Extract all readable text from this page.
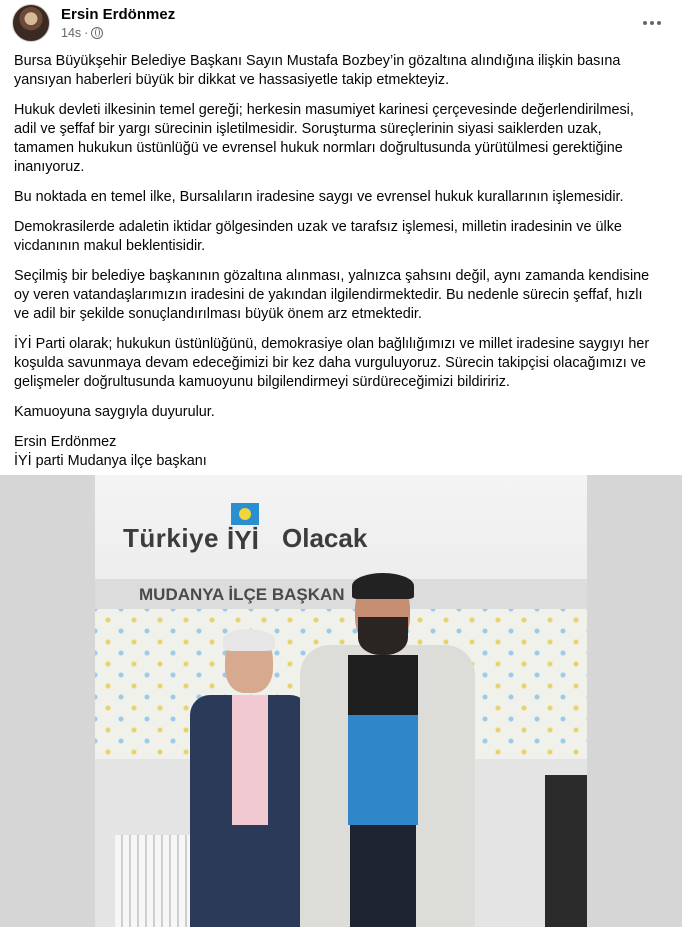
Ersin Erdönmez
14s ·

Bursa Büyükşehir Belediye Başkanı Sayın Mustafa Bozbey’in gözaltına alındığına ilişkin basına
yansıyan haberleri büyük bir dikkat ve hassasiyetle takip etmekteyiz.

Hukuk devleti ilkesinin temel gereği; herkesin masumiyet karinesi çerçevesinde değerlendirilmesi,
adil ve şeffaf bir yargı sürecinin işletilmesidir. Soruşturma süreçlerinin siyasi saiklerden uzak,
tamamen hukukun üstünlüğü ve evrensel hukuk normları doğrultusunda yürütülmesi gerektiğine
inanıyoruz.

Bu noktada en temel ilke, Bursalıların iradesine saygı ve evrensel hukuk kurallarının işlemesidir.

Demokrasilerde adaletin iktidar gölgesinden uzak ve tarafsız işlemesi, milletin iradesinin ve ülke
vicdanının makul beklentisidir.

Seçilmiş bir belediye başkanının gözaltına alınması, yalnızca şahsını değil, aynı zamanda kendisine
oy veren vatandaşlarımızın iradesini de yakından ilgilendirmektedir. Bu nedenle sürecin şeffaf, hızlı
ve adil bir şekilde sonuçlandırılması büyük önem arz etmektedir.

İYİ Parti olarak; hukukun üstünlüğünü, demokrasiye olan bağlılığımızı ve millet iradesine saygıyı her
koşulda savunmaya devam edeceğimizi bir kez daha vurguluyoruz. Sürecin takipçisi olacağımızı ve
gelişmeler doğrultusunda kamuoyunu bilgilendirmeyi sürdüreceğimizi bildiririz.

Kamuoyuna saygıyla duyurulur.

Ersin Erdönmez
İYİ parti Mudanya ilçe başkanı

Türkiye İYİ Olacak
MUDANYA İLÇE BAŞKAN
